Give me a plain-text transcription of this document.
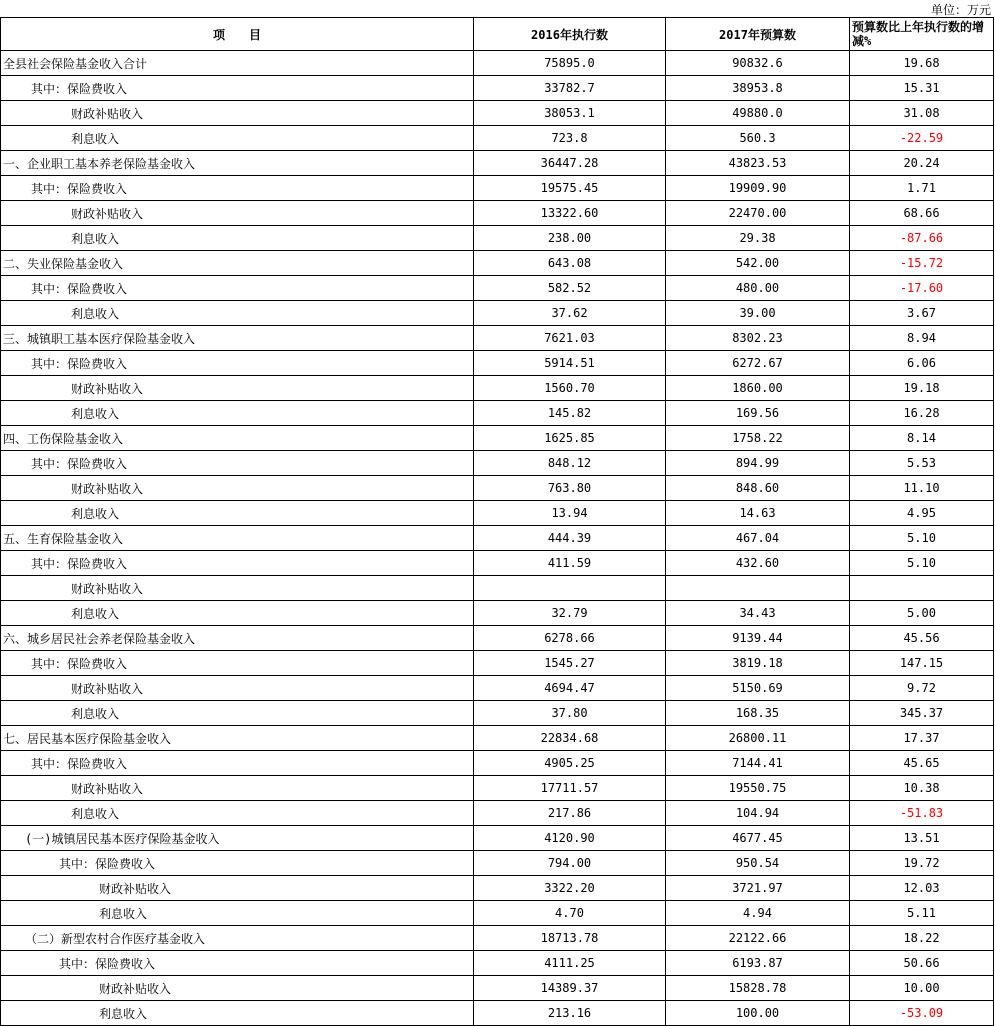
单位：万元
项　　目	2016年执行数	2017年预算数	预算数比上年执行数的增减%
全县社会保险基金收入合计	75895.0	90832.6	19.68
其中：保险费收入	33782.7	38953.8	15.31
财政补贴收入	38053.1	49880.0	31.08
利息收入	723.8	560.3	-22.59
一、企业职工基本养老保险基金收入	36447.28	43823.53	20.24
其中：保险费收入	19575.45	19909.90	1.71
财政补贴收入	13322.60	22470.00	68.66
利息收入	238.00	29.38	-87.66
二、失业保险基金收入	643.08	542.00	-15.72
其中：保险费收入	582.52	480.00	-17.60
利息收入	37.62	39.00	3.67
三、城镇职工基本医疗保险基金收入	7621.03	8302.23	8.94
其中：保险费收入	5914.51	6272.67	6.06
财政补贴收入	1560.70	1860.00	19.18
利息收入	145.82	169.56	16.28
四、工伤保险基金收入	1625.85	1758.22	8.14
其中：保险费收入	848.12	894.99	5.53
财政补贴收入	763.80	848.60	11.10
利息收入	13.94	14.63	4.95
五、生育保险基金收入	444.39	467.04	5.10
其中：保险费收入	411.59	432.60	5.10
财政补贴收入			
利息收入	32.79	34.43	5.00
六、城乡居民社会养老保险基金收入	6278.66	9139.44	45.56
其中：保险费收入	1545.27	3819.18	147.15
财政补贴收入	4694.47	5150.69	9.72
利息收入	37.80	168.35	345.37
七、居民基本医疗保险基金收入	22834.68	26800.11	17.37
其中：保险费收入	4905.25	7144.41	45.65
财政补贴收入	17711.57	19550.75	10.38
利息收入	217.86	104.94	-51.83
(一)城镇居民基本医疗保险基金收入	4120.90	4677.45	13.51
其中：保险费收入	794.00	950.54	19.72
财政补贴收入	3322.20	3721.97	12.03
利息收入	4.70	4.94	5.11
（二）新型农村合作医疗基金收入	18713.78	22122.66	18.22
其中：保险费收入	4111.25	6193.87	50.66
财政补贴收入	14389.37	15828.78	10.00
利息收入	213.16	100.00	-53.09
